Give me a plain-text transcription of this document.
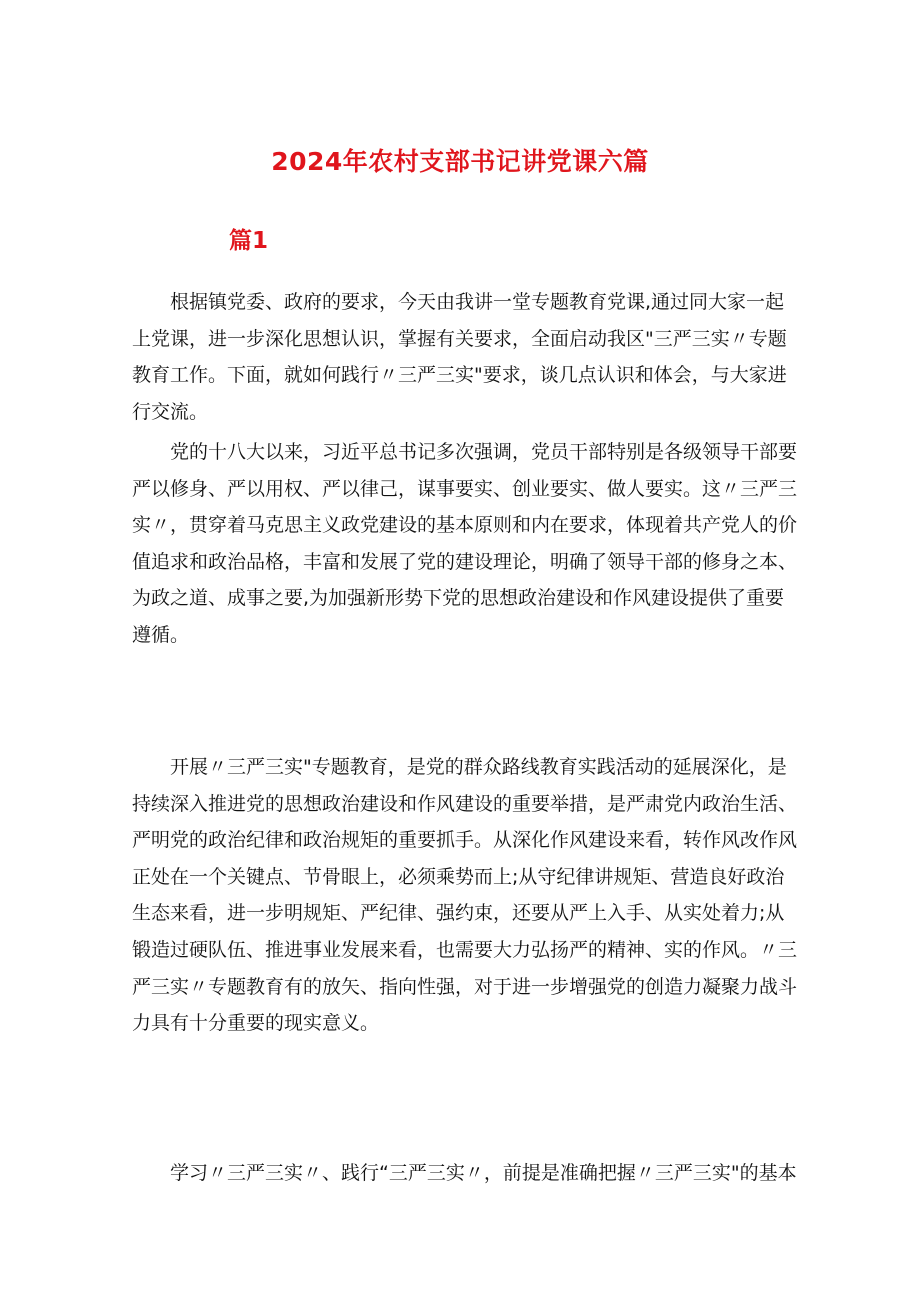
2024年农村支部书记讲党课六篇
篇1

根据镇党委、政府的要求，今天由我讲一堂专题教育党课,通过同大家一起上党课，进一步深化思想认识，掌握有关要求，全面启动我区"三严三实〃专题教育工作。下面，就如何践行〃三严三实"要求，谈几点认识和体会，与大家进行交流。

党的十八大以来，习近平总书记多次强调，党员干部特别是各级领导干部要严以修身、严以用权、严以律己，谋事要实、创业要实、做人要实。这〃三严三实〃，贯穿着马克思主义政党建设的基本原则和内在要求，体现着共产党人的价值追求和政治品格，丰富和发展了党的建设理论，明确了领导干部的修身之本、为政之道、成事之要,为加强新形势下党的思想政治建设和作风建设提供了重要遵循。

开展〃三严三实"专题教育，是党的群众路线教育实践活动的延展深化，是持续深入推进党的思想政治建设和作风建设的重要举措，是严肃党内政治生活、严明党的政治纪律和政治规矩的重要抓手。从深化作风建设来看，转作风改作风正处在一个关键点、节骨眼上，必须乘势而上;从守纪律讲规矩、营造良好政治生态来看，进一步明规矩、严纪律、强约束，还要从严上入手、从实处着力;从锻造过硬队伍、推进事业发展来看，也需要大力弘扬严的精神、实的作风。〃三严三实〃专题教育有的放矢、指向性强，对于进一步增强党的创造力凝聚力战斗力具有十分重要的现实意义。

学习〃三严三实〃、践行“三严三实〃，前提是准确把握〃三严三实"的基本
